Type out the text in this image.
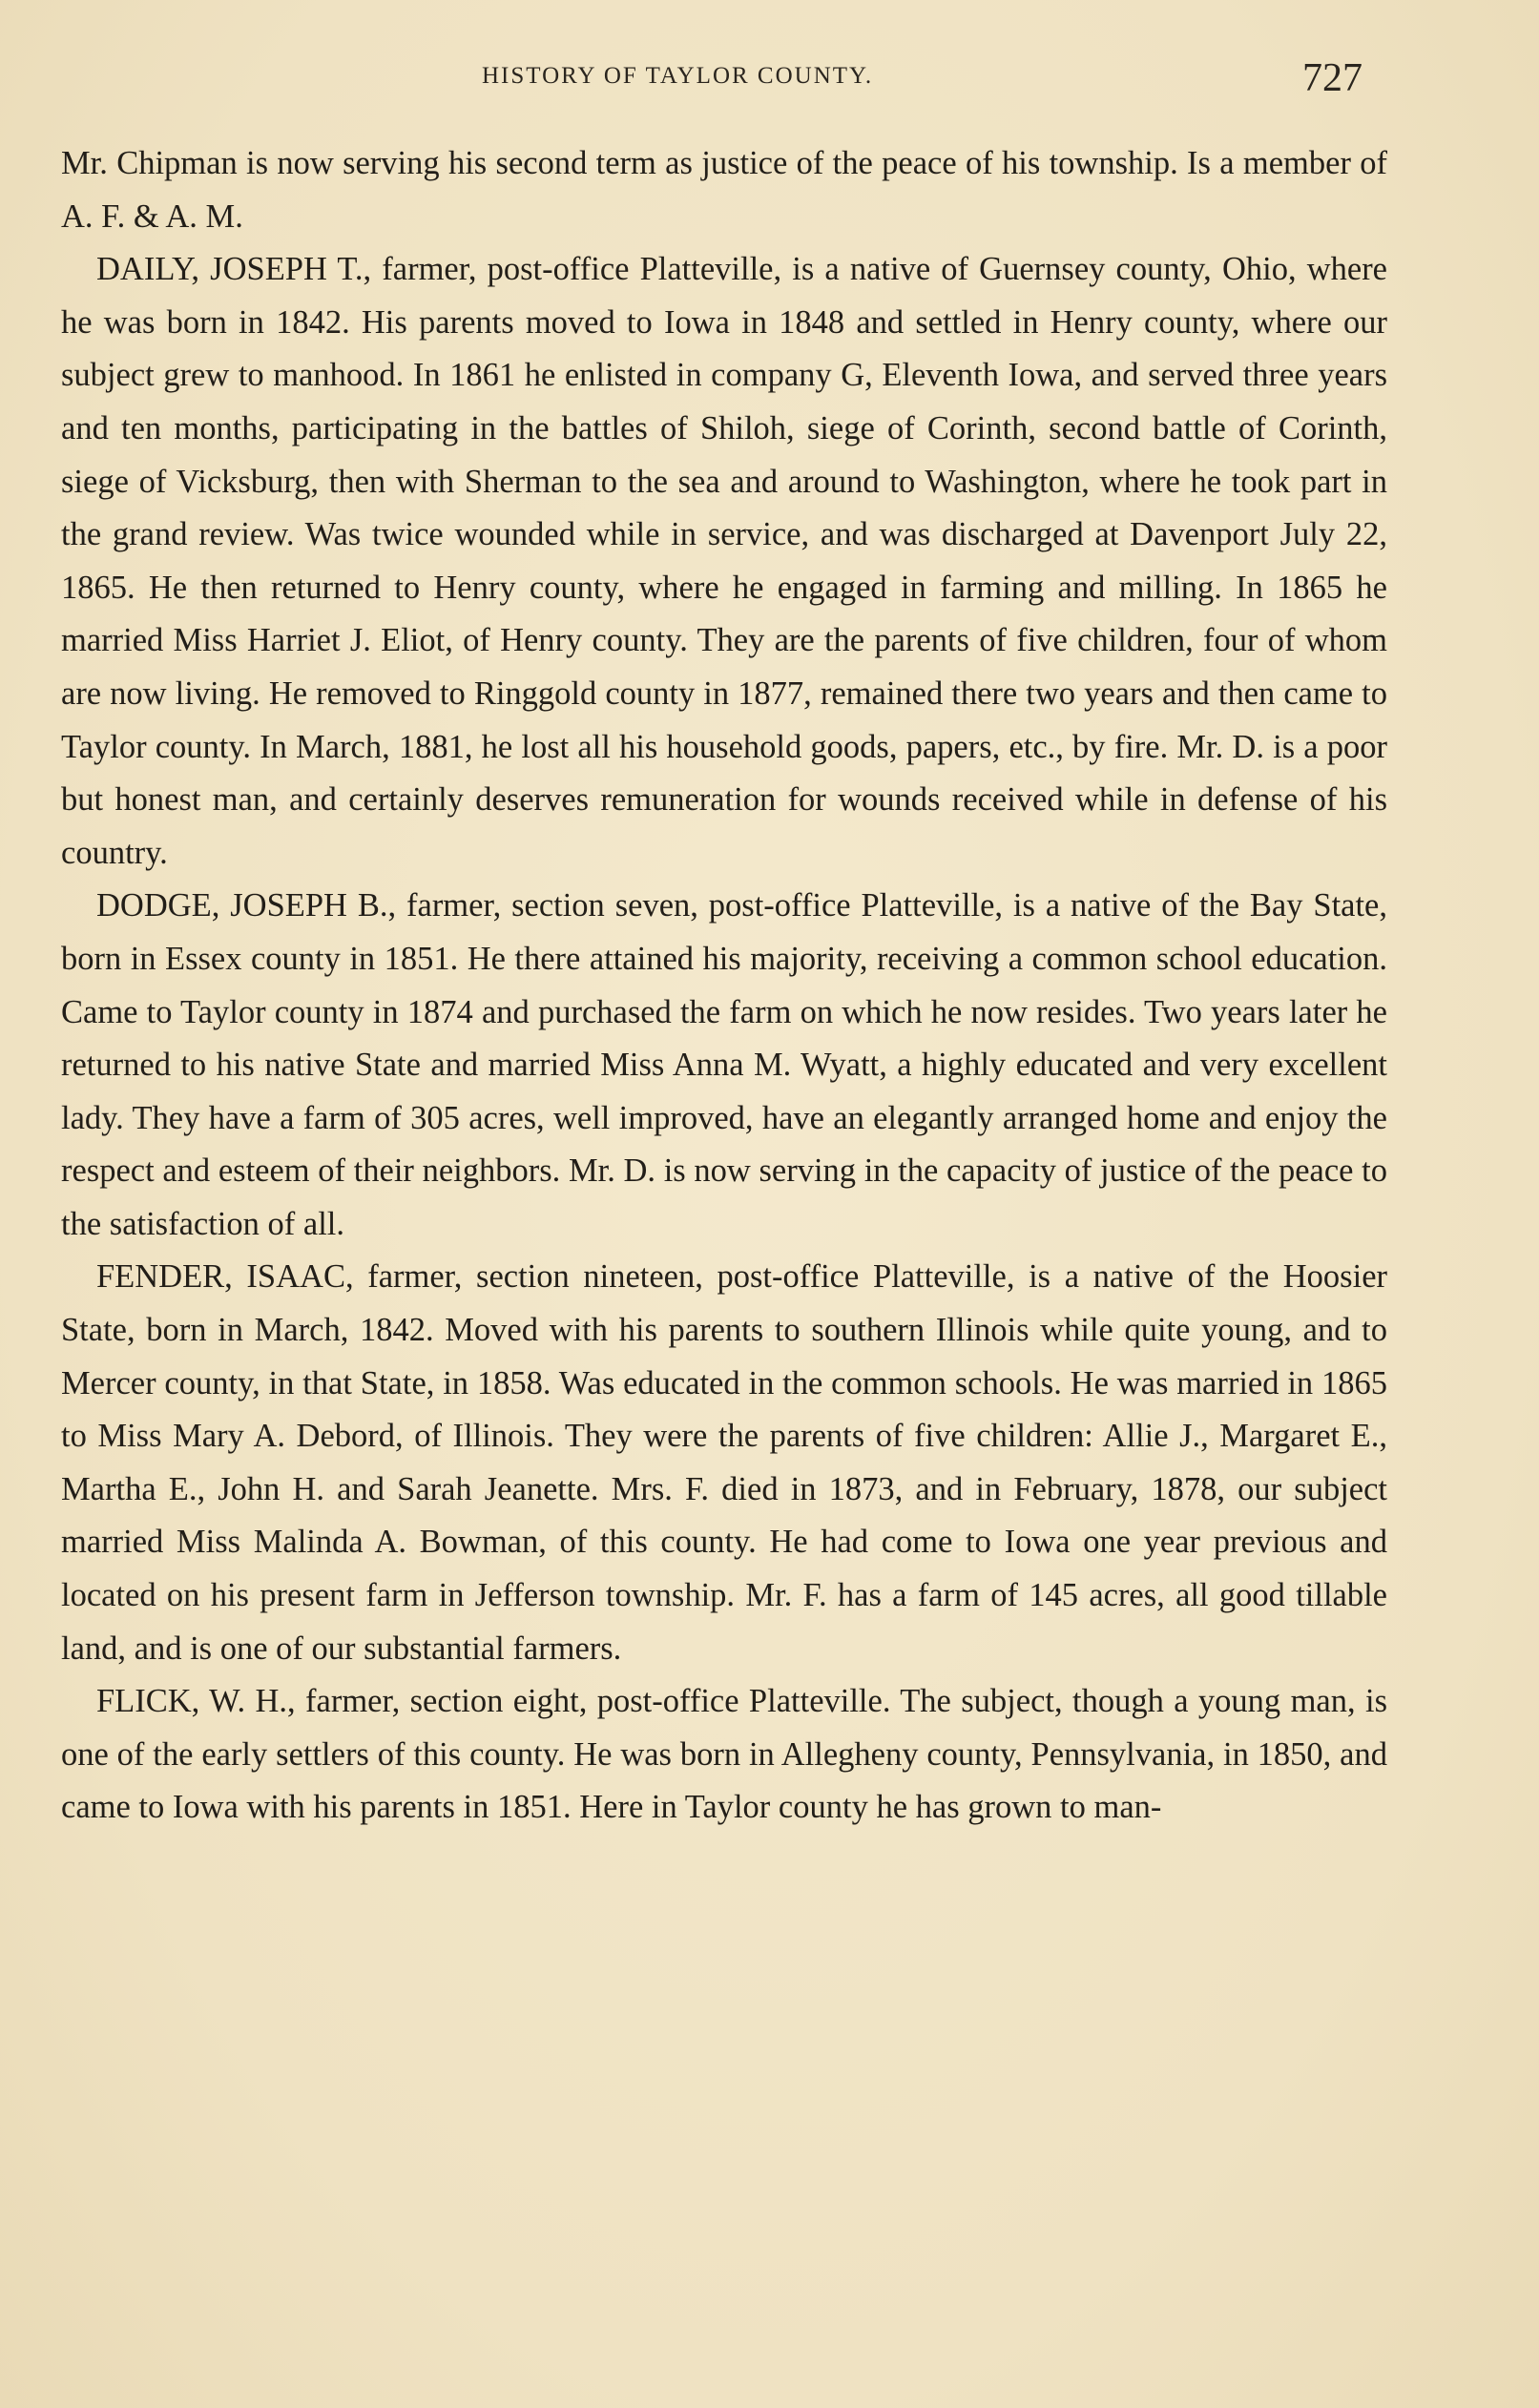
HISTORY OF TAYLOR COUNTY.	727

Mr. Chipman is now serving his second term as justice of the peace of his township. Is a member of A. F. & A. M.

DAILY, JOSEPH T., farmer, post-office Platteville, is a native of Guernsey county, Ohio, where he was born in 1842. His parents moved to Iowa in 1848 and settled in Henry county, where our subject grew to manhood. In 1861 he enlisted in company G, Eleventh Iowa, and served three years and ten months, participating in the battles of Shiloh, siege of Corinth, second battle of Corinth, siege of Vicksburg, then with Sherman to the sea and around to Washington, where he took part in the grand review. Was twice wounded while in service, and was discharged at Davenport July 22, 1865. He then returned to Henry county, where he engaged in farming and milling. In 1865 he married Miss Harriet J. Eliot, of Henry county. They are the parents of five children, four of whom are now living. He removed to Ringgold county in 1877, remained there two years and then came to Taylor county. In March, 1881, he lost all his household goods, papers, etc., by fire. Mr. D. is a poor but honest man, and certainly deserves remuneration for wounds received while in defense of his country.

DODGE, JOSEPH B., farmer, section seven, post-office Platteville, is a native of the Bay State, born in Essex county in 1851. He there attained his majority, receiving a common school education. Came to Taylor county in 1874 and purchased the farm on which he now resides. Two years later he returned to his native State and married Miss Anna M. Wyatt, a highly educated and very excellent lady. They have a farm of 305 acres, well improved, have an elegantly arranged home and enjoy the respect and esteem of their neighbors. Mr. D. is now serving in the capacity of justice of the peace to the satisfaction of all.

FENDER, ISAAC, farmer, section nineteen, post-office Platteville, is a native of the Hoosier State, born in March, 1842. Moved with his parents to southern Illinois while quite young, and to Mercer county, in that State, in 1858. Was educated in the common schools. He was married in 1865 to Miss Mary A. Debord, of Illinois. They were the parents of five children: Allie J., Margaret E., Martha E., John H. and Sarah Jeanette. Mrs. F. died in 1873, and in February, 1878, our subject married Miss Malinda A. Bowman, of this county. He had come to Iowa one year previous and located on his present farm in Jefferson township. Mr. F. has a farm of 145 acres, all good tillable land, and is one of our substantial farmers.

FLICK, W. H., farmer, section eight, post-office Platteville. The subject, though a young man, is one of the early settlers of this county. He was born in Allegheny county, Pennsylvania, in 1850, and came to Iowa with his parents in 1851. Here in Taylor county he has grown to man-
